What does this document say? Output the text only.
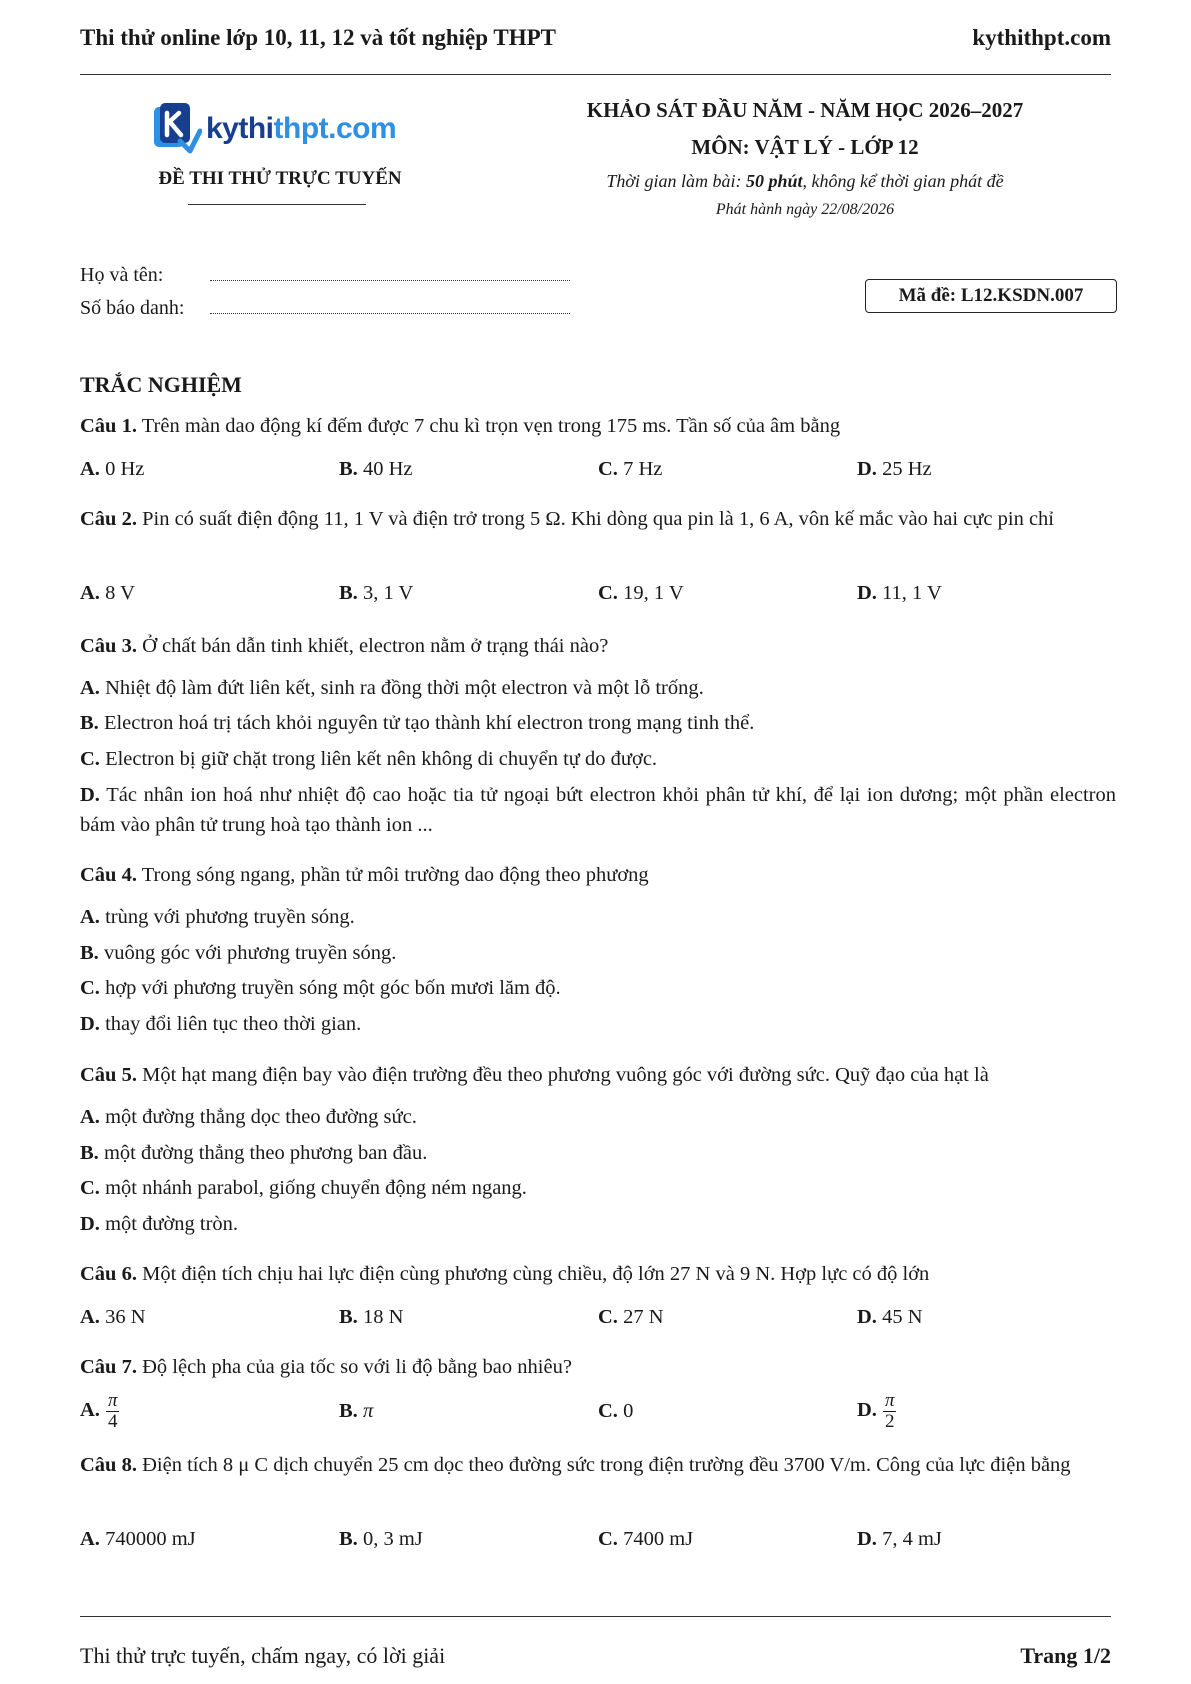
Thi thử online lớp 10, 11, 12 và tốt nghiệp THPT	kythithpt.com
kythithpt.com
ĐỀ THI THỬ TRỰC TUYẾN
KHẢO SÁT ĐẦU NĂM - NĂM HỌC 2026–2027
MÔN: VẬT LÝ - LỚP 12
Thời gian làm bài: 50 phút, không kể thời gian phát đề
Phát hành ngày 22/08/2026
Họ và tên:
Số báo danh:
Mã đề: L12.KSDN.007
TRẮC NGHIỆM
Câu 1. Trên màn dao động kí đếm được 7 chu kì trọn vẹn trong 175 ms. Tần số của âm bằng
A. 0 Hz	B. 40 Hz	C. 7 Hz	D. 25 Hz
Câu 2. Pin có suất điện động 11, 1 V và điện trở trong 5 Ω. Khi dòng qua pin là 1, 6 A, vôn kế mắc vào hai cực pin chỉ
A. 8 V	B. 3, 1 V	C. 19, 1 V	D. 11, 1 V
Câu 3. Ở chất bán dẫn tinh khiết, electron nằm ở trạng thái nào?
A. Nhiệt độ làm đứt liên kết, sinh ra đồng thời một electron và một lỗ trống.
B. Electron hoá trị tách khỏi nguyên tử tạo thành khí electron trong mạng tinh thể.
C. Electron bị giữ chặt trong liên kết nên không di chuyển tự do được.
D. Tác nhân ion hoá như nhiệt độ cao hoặc tia tử ngoại bứt electron khỏi phân tử khí, để lại ion dương; một phần electron bám vào phân tử trung hoà tạo thành ion ...
Câu 4. Trong sóng ngang, phần tử môi trường dao động theo phương
A. trùng với phương truyền sóng.
B. vuông góc với phương truyền sóng.
C. hợp với phương truyền sóng một góc bốn mươi lăm độ.
D. thay đổi liên tục theo thời gian.
Câu 5. Một hạt mang điện bay vào điện trường đều theo phương vuông góc với đường sức. Quỹ đạo của hạt là
A. một đường thẳng dọc theo đường sức.
B. một đường thẳng theo phương ban đầu.
C. một nhánh parabol, giống chuyển động ném ngang.
D. một đường tròn.
Câu 6. Một điện tích chịu hai lực điện cùng phương cùng chiều, độ lớn 27 N và 9 N. Hợp lực có độ lớn
A. 36 N	B. 18 N	C. 27 N	D. 45 N
Câu 7. Độ lệch pha của gia tốc so với li độ bằng bao nhiêu?
A. $\frac{\pi}{4}$	B. π	C. 0	D. $\frac{\pi}{2}$
Câu 8. Điện tích 8 μ C dịch chuyển 25 cm dọc theo đường sức trong điện trường đều 3700 V/m. Công của lực điện bằng
A. 740000 mJ	B. 0, 3 mJ	C. 7400 mJ	D. 7, 4 mJ
Thi thử trực tuyến, chấm ngay, có lời giải	Trang 1/2
